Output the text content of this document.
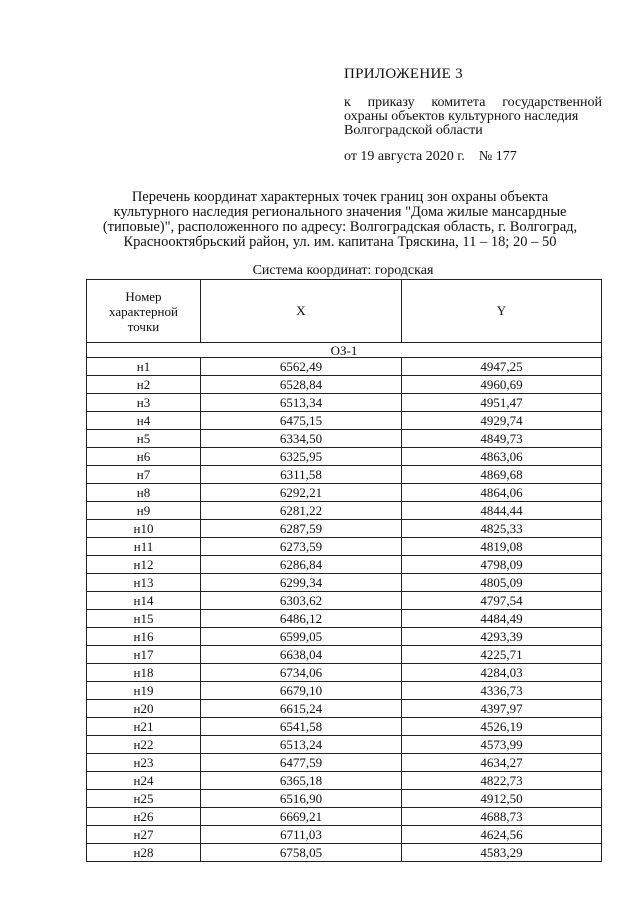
ПРИЛОЖЕНИЕ 3
к приказу комитета государственной
охраны объектов культурного наследия
Волгоградской области
от 19 августа 2020 г.    № 177
Перечень координат характерных точек границ зон охраны объекта
культурного наследия регионального значения "Дома жилые мансардные
(типовые)", расположенного по адресу: Волгоградская область, г. Волгоград,
Краснооктябрьский район, ул. им. капитана Тряскина, 11 – 18; 20 – 50
Система координат: городская
Номер
характерной
точки	X	Y
ОЗ-1		
н1	6562,49	4947,25
н2	6528,84	4960,69
н3	6513,34	4951,47
н4	6475,15	4929,74
н5	6334,50	4849,73
н6	6325,95	4863,06
н7	6311,58	4869,68
н8	6292,21	4864,06
н9	6281,22	4844,44
н10	6287,59	4825,33
н11	6273,59	4819,08
н12	6286,84	4798,09
н13	6299,34	4805,09
н14	6303,62	4797,54
н15	6486,12	4484,49
н16	6599,05	4293,39
н17	6638,04	4225,71
н18	6734,06	4284,03
н19	6679,10	4336,73
н20	6615,24	4397,97
н21	6541,58	4526,19
н22	6513,24	4573,99
н23	6477,59	4634,27
н24	6365,18	4822,73
н25	6516,90	4912,50
н26	6669,21	4688,73
н27	6711,03	4624,56
н28	6758,05	4583,29
